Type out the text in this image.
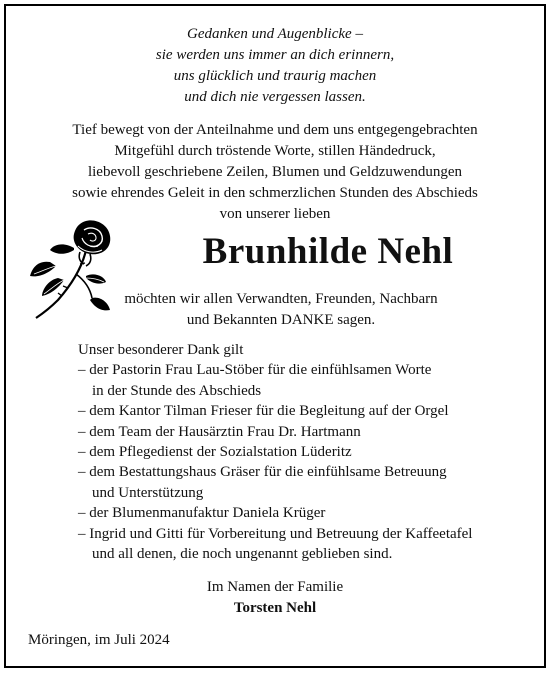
Gedanken und Augenblicke –
sie werden uns immer an dich erinnern,
uns glücklich und traurig machen
und dich nie vergessen lassen.
Tief bewegt von der Anteilnahme und dem uns entgegengebrachten
Mitgefühl durch tröstende Worte, stillen Händedruck,
liebevoll geschriebene Zeilen, Blumen und Geldzuwendungen
sowie ehrendes Geleit in den schmerzlichen Stunden des Abschieds
von unserer lieben
Brunhilde Nehl
möchten wir allen Verwandten, Freunden, Nachbarn
und Bekannten DANKE sagen.
Unser besonderer Dank gilt
– der Pastorin Frau Lau-Stöber für die einfühlsamen Worte
in der Stunde des Abschieds
– dem Kantor Tilman Frieser für die Begleitung auf der Orgel
– dem Team der Hausärztin Frau Dr. Hartmann
– dem Pflegedienst der Sozialstation Lüderitz
– dem Bestattungshaus Gräser für die einfühlsame Betreuung
und Unterstützung
– der Blumenmanufaktur Daniela Krüger
– Ingrid und Gitti für Vorbereitung und Betreuung der Kaffeetafel
und all denen, die noch ungenannt geblieben sind.
Im Namen der Familie
Torsten Nehl
Möringen, im Juli 2024
